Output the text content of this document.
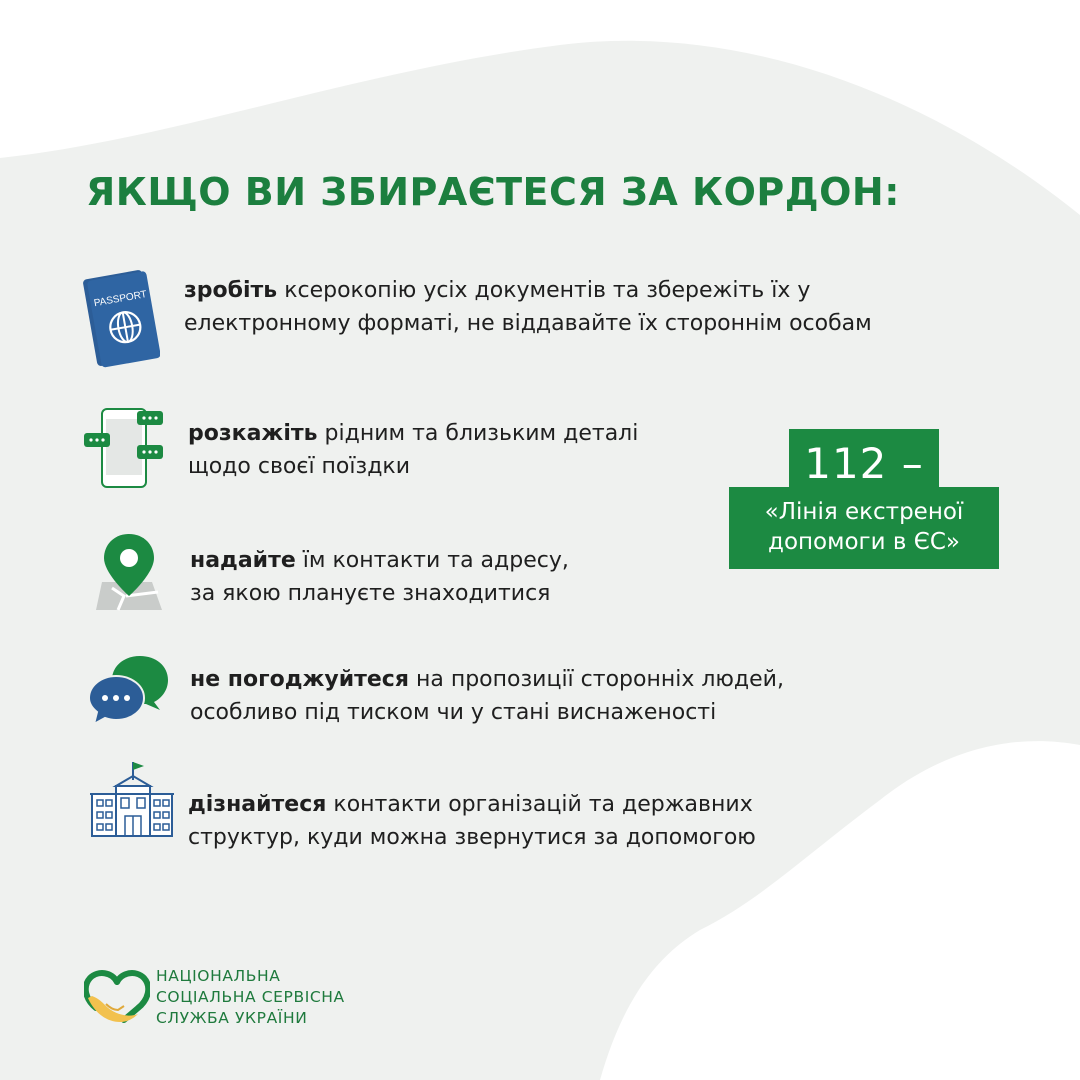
ЯКЩО ВИ ЗБИРАЄТЕСЯ ЗА КОРДОН:
PASSPORT зробіть ксерокопію усіх документів та збережіть їх у
електронному форматі, не віддавайте їх стороннім особам
розкажіть рідним та близьким деталі
щодо своєї поїздки
надайте їм контакти та адресу,
за якою плануєте знаходитися
не погоджуйтеся на пропозиції сторонніх людей,
особливо під тиском чи у стані виснаженості
дізнайтеся контакти організацій та державних
структур, куди можна звернутися за допомогою
«Лінія екстреної
допомоги в ЄС»
112 –
НАЦІОНАЛЬНА
СОЦІАЛЬНА СЕРВІСНА
СЛУЖБА УКРАЇНИ
